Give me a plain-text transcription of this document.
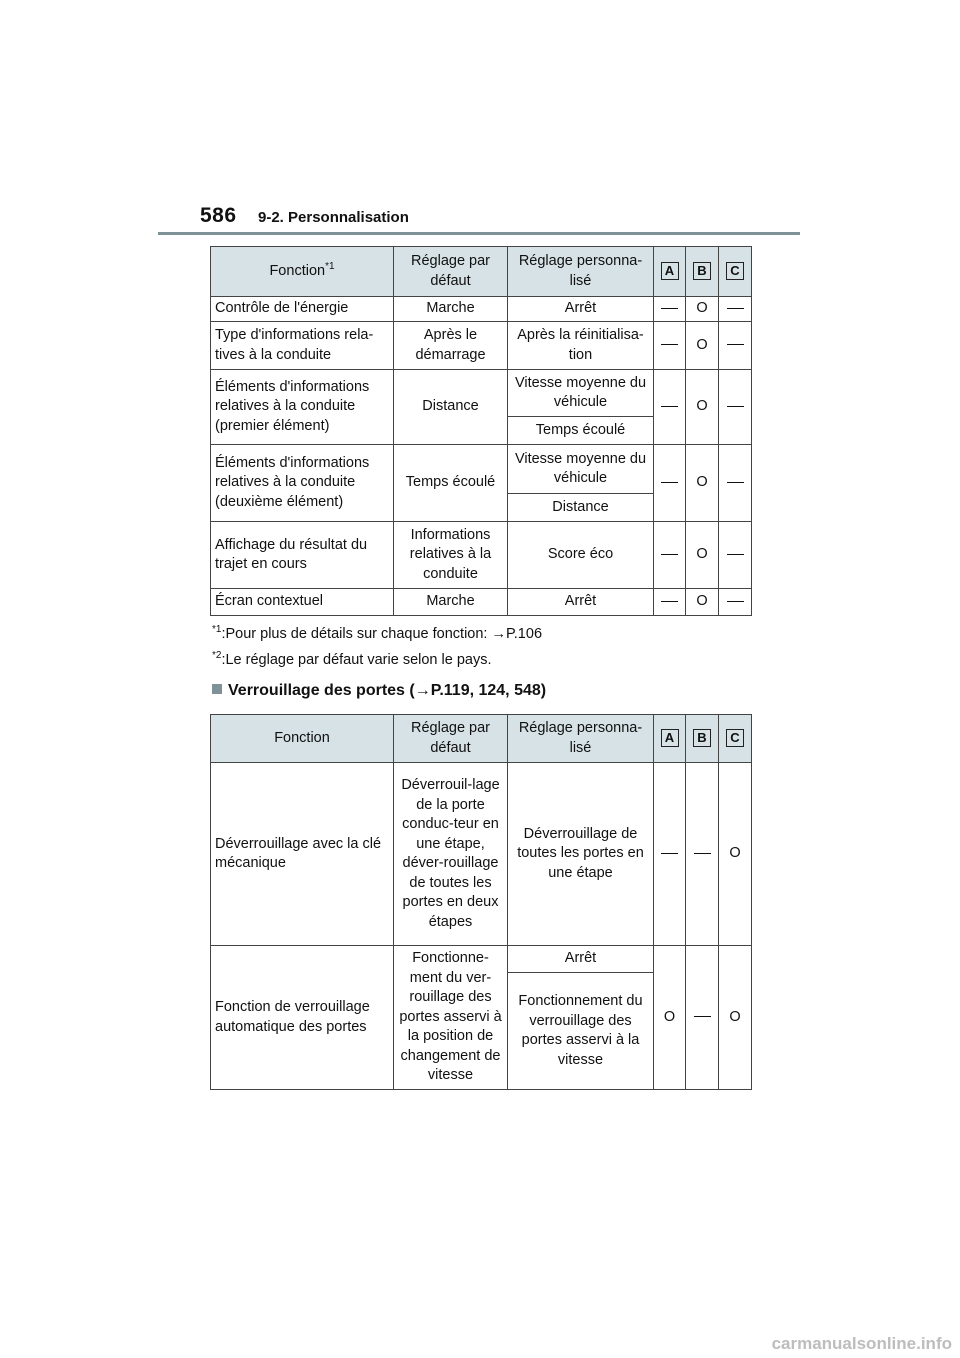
586 9-2. Personnalisation
Fonction$^{*1}$	Réglage par défaut	Réglage personna-lisé	A	B	C
Contrôle de l'énergie	Marche	Arrêt		O	
Type d'informations rela-tives à la conduite	Après le démarrage	Après la réinitialisa-tion		O	
Éléments d'informations relatives à la conduite (premier élément)	Distance	Vitesse moyenne du véhicule		O	
		Temps écoulé			
Éléments d'informations relatives à la conduite (deuxième élément)	Temps écoulé	Vitesse moyenne du véhicule		O	
		Distance			
Affichage du résultat du trajet en cours	Informations relatives à la conduite	Score éco		O	
Écran contextuel	Marche	Arrêt		O	
$^{*1}$:Pour plus de détails sur chaque fonction: →P.106
$^{*2}$:Le réglage par défaut varie selon le pays.
Verrouillage des portes (→P.119, 124, 548)
Fonction	Réglage par défaut	Réglage personna-lisé	A	B	C
Déverrouillage avec la clé mécanique	Déverrouil-lage de la porte conduc-teur en une étape, déver-rouillage de toutes les portes en deux étapes	Déverrouillage de toutes les portes en une étape			O
Fonction de verrouillage automatique des portes	Fonctionne-ment du ver-rouillage des portes asservi à la position de changement de vitesse	Arrêt	O		O
		Fonctionnement du verrouillage des portes asservi à la vitesse			
carmanualsonline.info
